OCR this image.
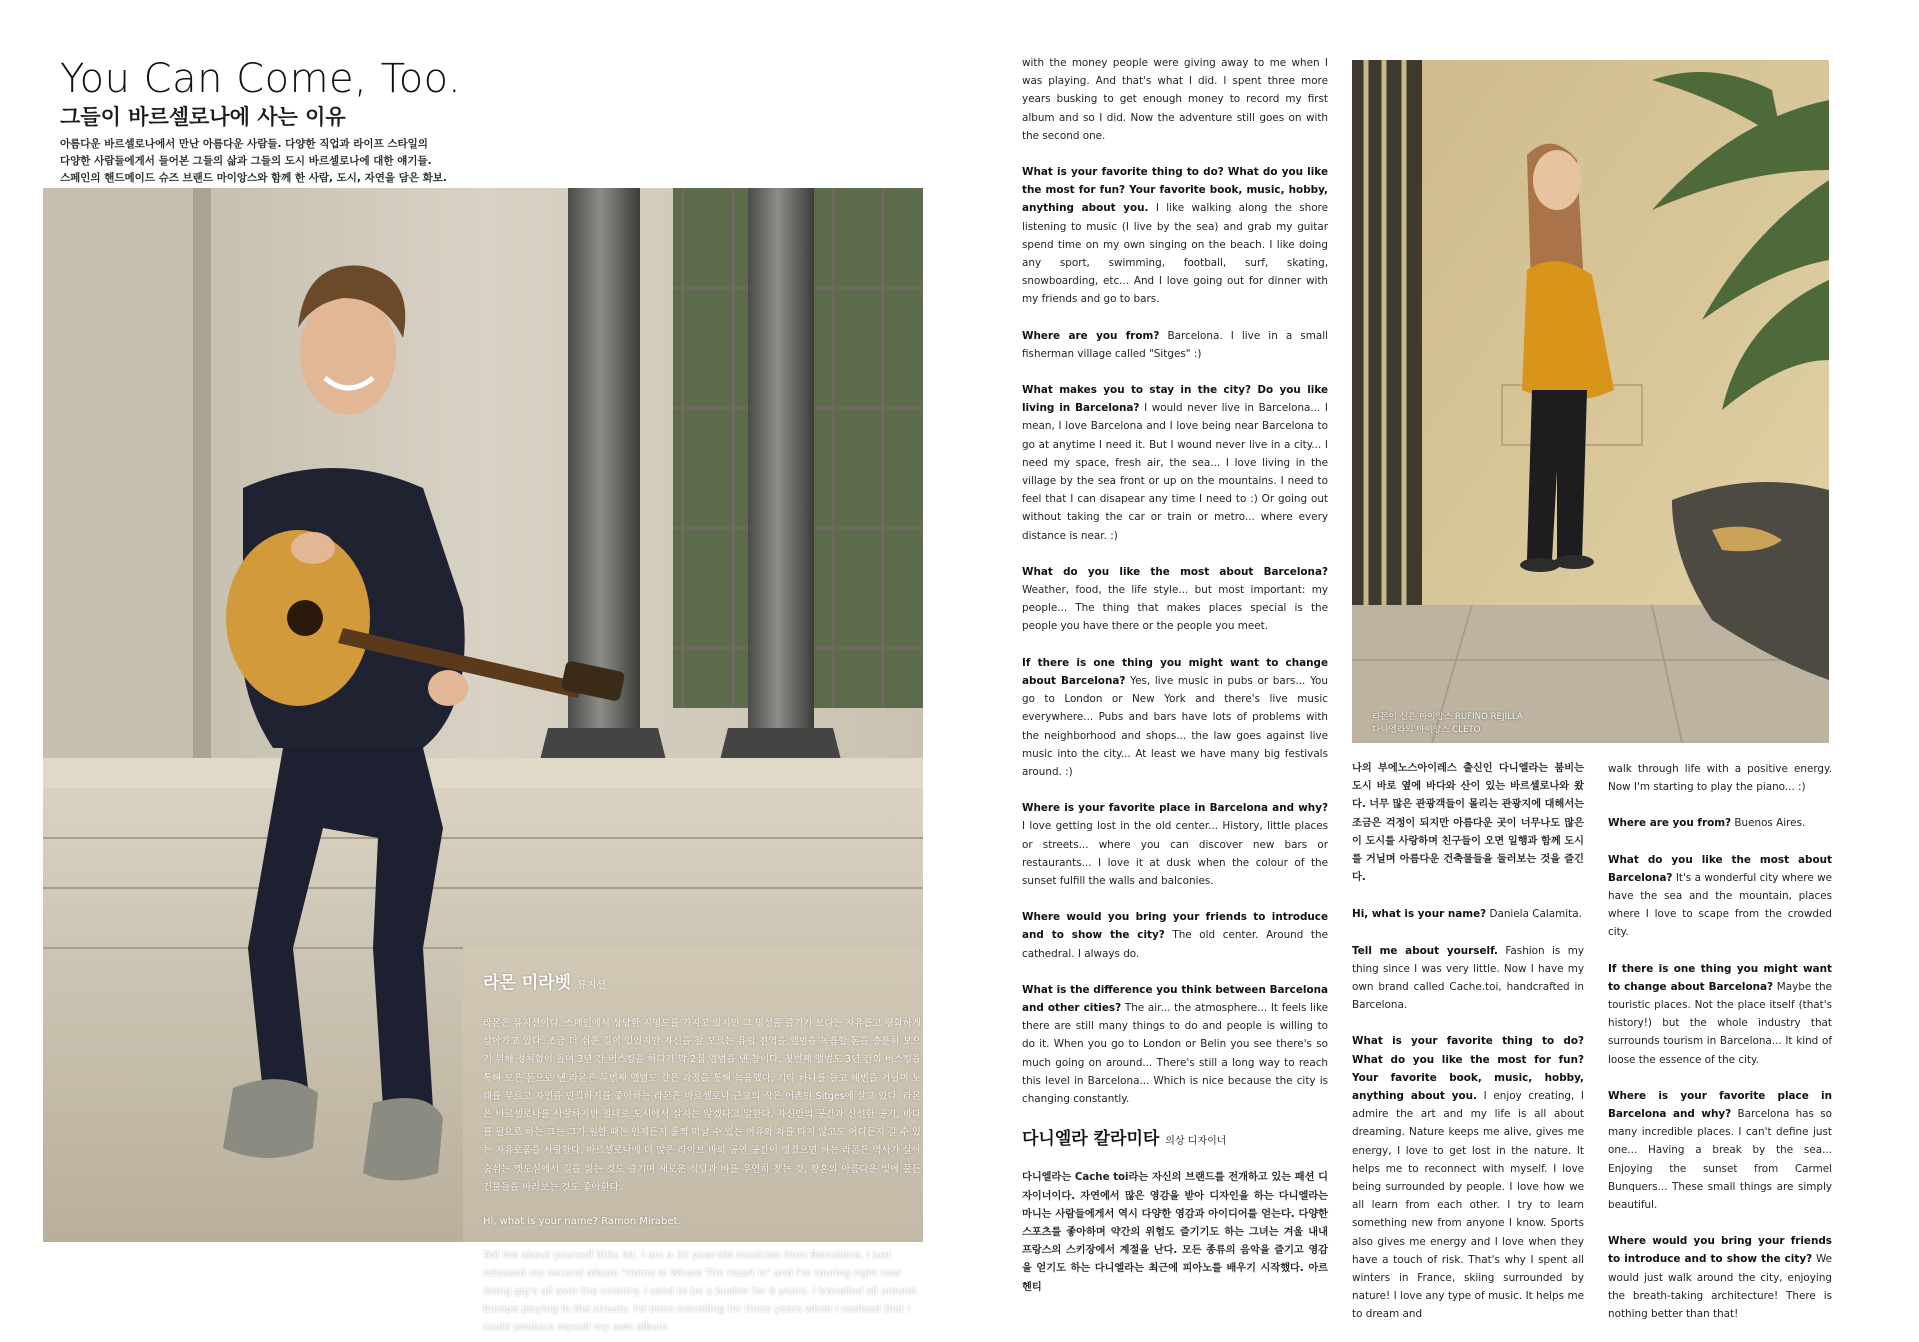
You Can Come, Too.
그들이 바르셀로나에 사는 이유

아름다운 바르셀로나에서 만난 아름다운 사람들. 다양한 직업과 라이프 스타일의

다양한 사람들에게서 들어본 그들의 삶과 그들의 도시 바르셀로나에 대한 얘기들.

스페인의 핸드메이드 슈즈 브랜드 마이앙스와 함께 한 사람, 도시, 자연을 담은 화보.

라몬 미라벳 뮤지션
라몬은 뮤지션이다. 스페인에서 상당한 지명도를 가지고 있지만 그 명성을 즐기기 보다는 자유롭고 평화하게 살아가고 있다. 조금 더 쉬운 길이 있었지만 자신을 잘 모르는 유럽 전역을 앨범을 녹음할 돈을 충분히 모으기 위해 정처없이 돌며 3년 간 버스킹을 하다가 막 2집 앨범을 낸 참이다. 첫번째 앨범도 3년 간의 버스킹을 통해 모은 돈으로 낸 라몬은 두번째 앨범도 같은 과정을 통해 녹음했다. 기타 하나를 들고 해변을 거닐며 노래를 부르고 자연을 만끽하기를 좋아하는 라몬은 바르셀로나 근교의 작은 어촌인 Sitges에 살고 있다. 라몬은 바르셀로나를 사랑하지만 절대로 도시에서 살지는 않겠다고 말한다. 자신만의 공간과 신선한 공기, 바다를 필요로 하는 그는 그가 원할 때는 언제든지 훌쩍 떠날 수 있는 여유와 차를 타지 않고도 어디든지 갈 수 있는 자유로움을 사랑한다. 바르셀로나에 더 많은 라이브 바와 공연 공간이 생겼으면 하는 라몬은 역사가 살아숨쉬는 옛도심에서 길을 잃는 것도 즐기며 새로운 식당과 바를 우연히 찾는 것, 황혼의 아름다운 빛에 물든 건물들을 바라보는 것도 좋아한다.
Hi, what is your name? Ramon Mirabet.
Tell me about yourself little bit. I am a 32 year-old musician from Barcelona. I just released my second album "Home Is Where The Heart is" and I'm touring right now doing gig's all over the country. I used to be a busker for 6 years. I travelled all around Europe playing in the streets. I'd been travelling for three years when I realised that I could produce myself my own album

with the money people were giving away to me when I was playing. And that's what I did. I spent three more years busking to get enough money to record my first album and so I did. Now the adventure still goes on with the second one.

What is your favorite thing to do? What do you like the most for fun? Your favorite book, music, hobby, anything about you. I like walking along the shore listening to music (I live by the sea) and grab my guitar spend time on my own singing on the beach. I like doing any sport, swimming, football, surf, skating, snowboarding, etc... And I love going out for dinner with my friends and go to bars.

Where are you from? Barcelona. I live in a small fisherman village called "Sitges" :)

What makes you to stay in the city? Do you like living in Barcelona? I would never live in Barcelona... I mean, I love Barcelona and I love being near Barcelona to go at anytime I need it. But I wound never live in a city... I need my space, fresh air, the sea... I love living in the village by the sea front or up on the mountains. I need to feel that I can disapear any time I need to :) Or going out without taking the car or train or metro... where every distance is near. :)

What do you like the most about Barcelona? Weather, food, the life style... but most important: my people... The thing that makes places special is the people you have there or the people you meet.

If there is one thing you might want to change about Barcelona? Yes, live music in pubs or bars... You go to London or New York and there's live music everywhere... Pubs and bars have lots of problems with the neighborhood and shops... the law goes against live music into the city... At least we have many big festivals around. :)

Where is your favorite place in Barcelona and why? I love getting lost in the old center... History, little places or streets... where you can discover new bars or restaurants... I love it at dusk when the colour of the sunset fulfill the walls and balconies.

Where would you bring your friends to introduce and to show the city? The old center. Around the cathedral. I always do.

What is the difference you think between Barcelona and other cities? The air... the atmosphere... It feels like there are still many things to do and people is willing to do it. When you go to London or Belin you see there's so much going on around... There's still a long way to reach this level in Barcelona... Which is nice because the city is changing constantly.

다니엘라 칼라미타 의상 디자이너
다니엘라는 Cache toi라는 자신의 브랜드를 전개하고 있는 패션 디자이너이다. 자연에서 많은 영감을 받아 디자인을 하는 다니엘라는 마니는 사람들에게서 역시 다양한 영감과 아이디어를 얻는다. 다양한 스포츠를 좋아하며 약간의 위험도 즐기기도 하는 그녀는 겨울 내내 프랑스의 스키장에서 계절을 난다. 모든 종류의 음악을 즐기고 영감을 얻기도 하는 다니엘라는 최근에 피아노를 배우기 시작했다. 아르헨티
라몬이 신은 마이앙스 RUFINO REJILLA
다니엘라의 마이앙스 CLETO

나의 부에노스아이레스 출신인 다니엘라는 붐비는 도시 바로 옆에 바다와 산이 있는 바르셀로나와 왔다. 너무 많은 관광객들이 몰리는 관광지에 대해서는 조금은 걱정이 되지만 아름다운 곳이 너무나도 많은 이 도시를 사랑하며 친구들이 오면 일행과 함께 도시를 거닐며 아름다운 건축물들을 둘러보는 것을 즐긴다.

Hi, what is your name? Daniela Calamita.

Tell me about yourself. Fashion is my thing since I was very little. Now I have my own brand called Cache.toi, handcrafted in Barcelona.

What is your favorite thing to do? What do you like the most for fun? Your favorite book, music, hobby, anything about you. I enjoy creating, I admire the art and my life is all about dreaming. Nature keeps me alive, gives me energy, I love to get lost in the nature. It helps me to reconnect with myself. I love being surrounded by people. I love how we all learn from each other. I try to learn something new from anyone I know. Sports also gives me energy and I love when they have a touch of risk. That's why I spent all winters in France, skiing surrounded by nature! I love any type of music. It helps me to dream and

walk through life with a positive energy. Now I'm starting to play the piano... :)

Where are you from? Buenos Aires.

What do you like the most about Barcelona? It's a wonderful city where we have the sea and the mountain, places where I love to scape from the crowded city.

If there is one thing you might want to change about Barcelona? Maybe the touristic places. Not the place itself (that's history!) but the whole industry that surrounds tourism in Barcelona... It kind of loose the essence of the city.

Where is your favorite place in Barcelona and why? Barcelona has so many incredible places. I can't define just one... Having a break by the sea... Enjoying the sunset from Carmel Bunquers... These small things are simply beautiful.

Where would you bring your friends to introduce and to show the city? We would just walk around the city, enjoying the breath-taking architecture! There is nothing better than that!
